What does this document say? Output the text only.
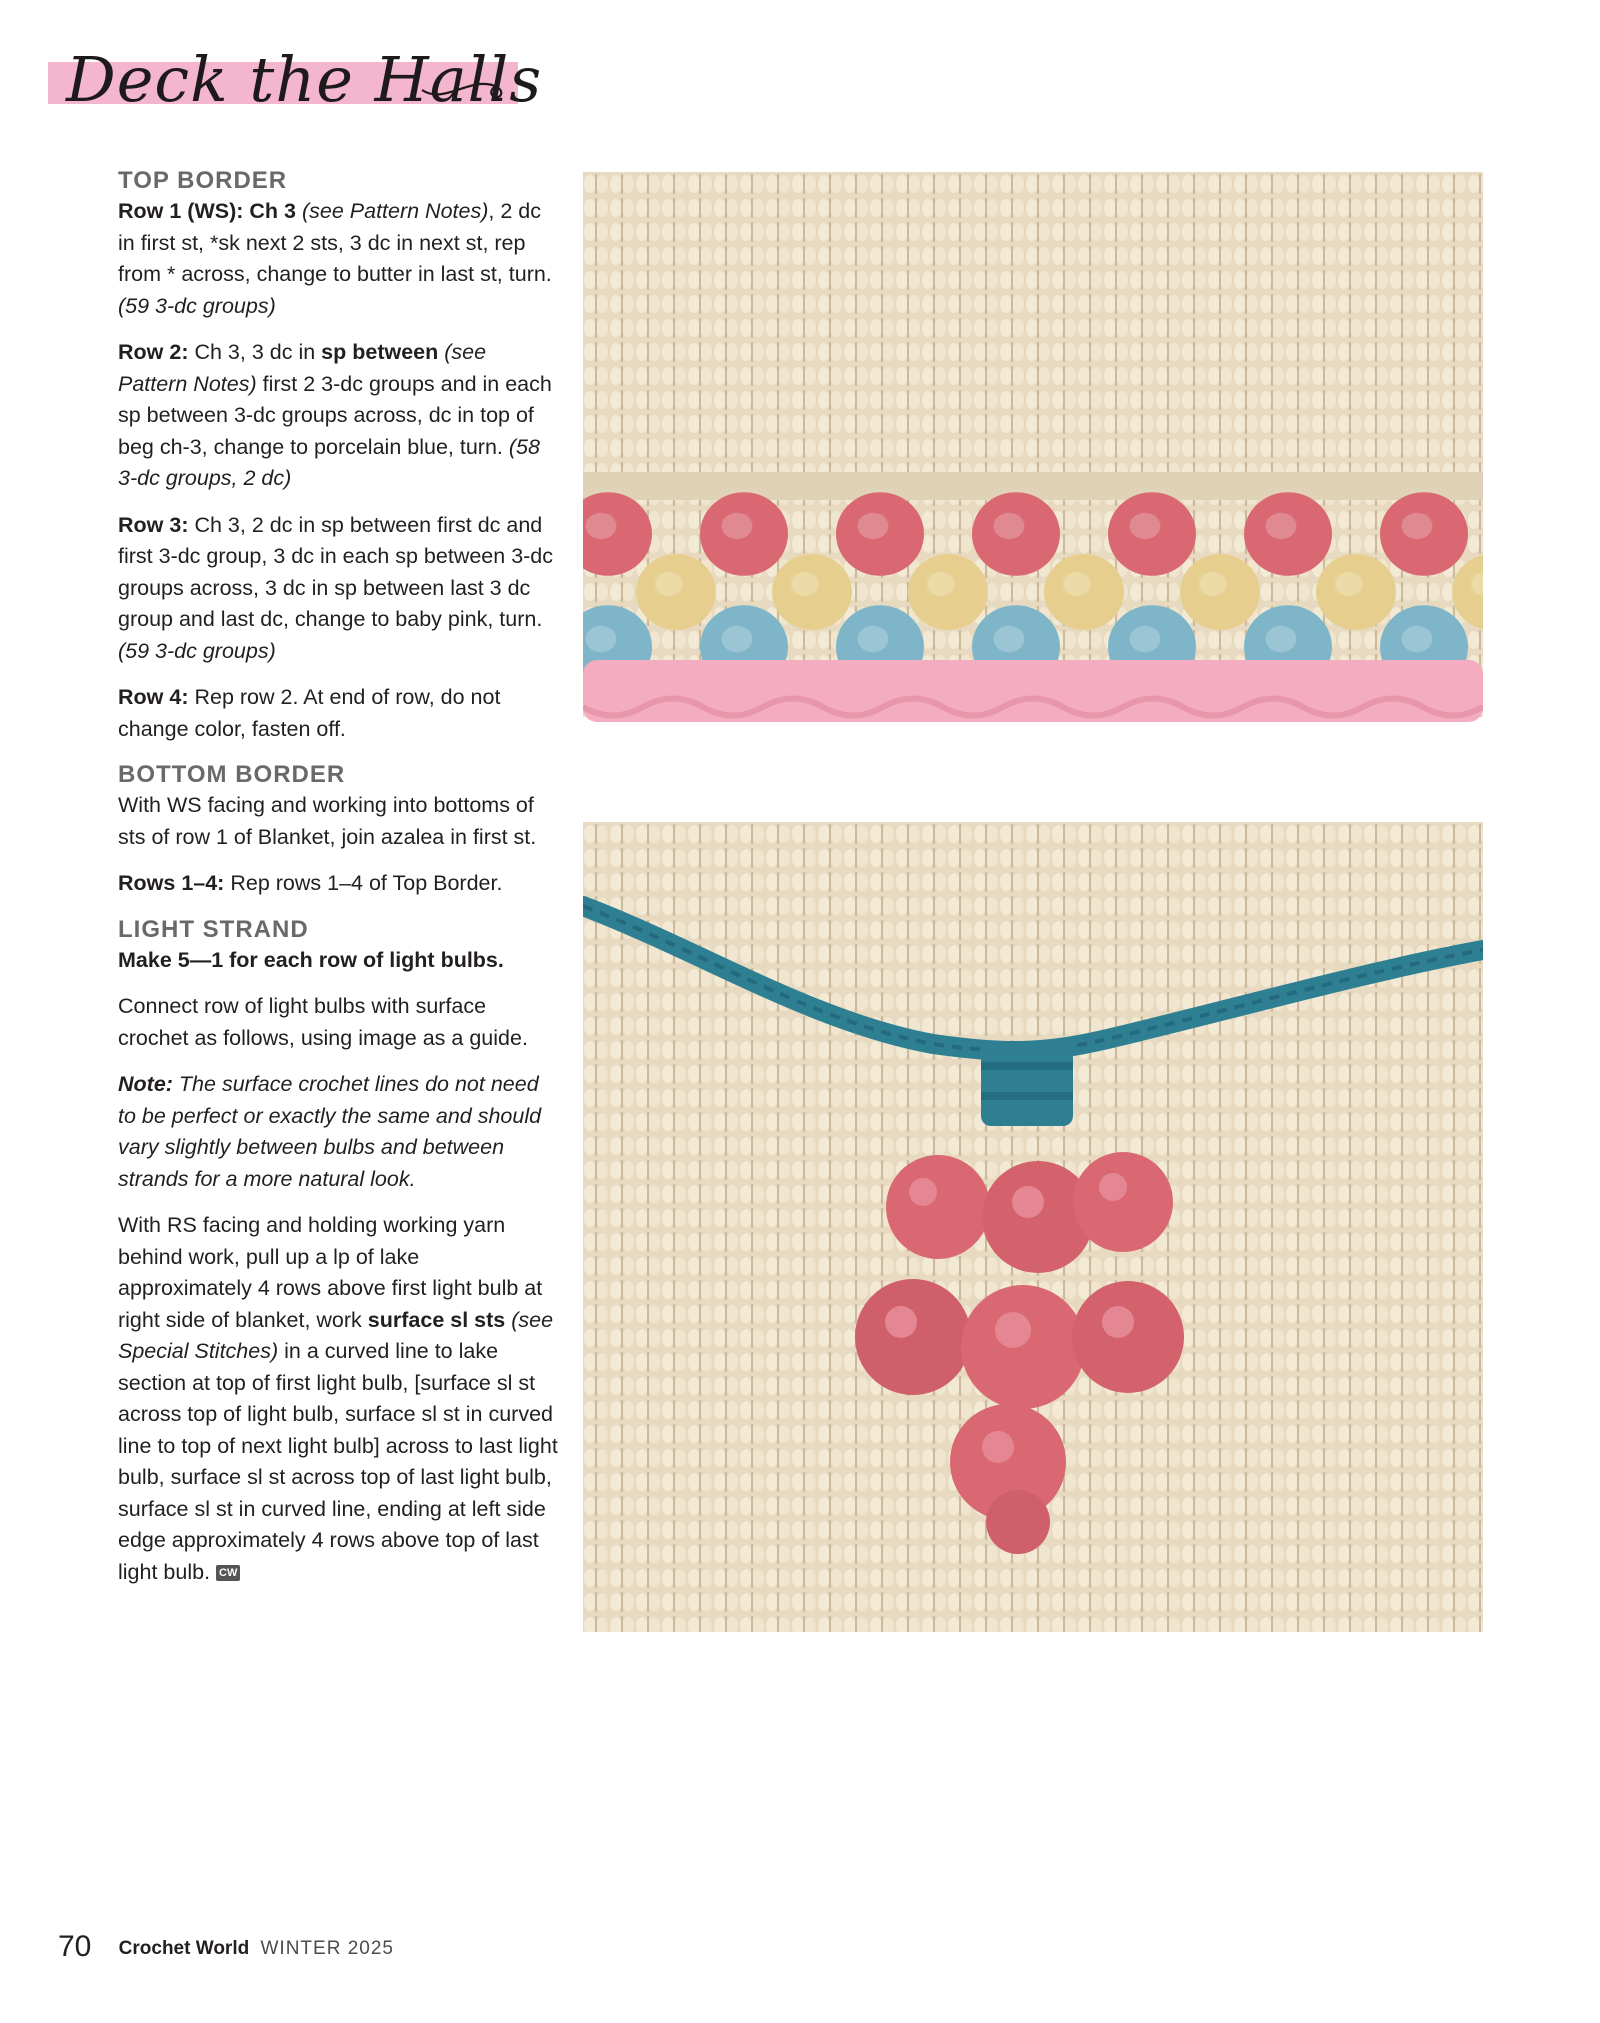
Deck the Halls
TOP BORDER

Row 1 (WS): Ch 3 (see Pattern Notes), 2 dc in first st, *sk next 2 sts, 3 dc in next st, rep from * across, change to butter in last st, turn. (59 3-dc groups)

Row 2: Ch 3, 3 dc in sp between (see Pattern Notes) first 2 3-dc groups and in each sp between 3-dc groups across, dc in top of beg ch-3, change to porcelain blue, turn. (58 3-dc groups, 2 dc)

Row 3: Ch 3, 2 dc in sp between first dc and first 3-dc group, 3 dc in each sp between 3-dc groups across, 3 dc in sp between last 3 dc group and last dc, change to baby pink, turn. (59 3-dc groups)

Row 4: Rep row 2. At end of row, do not change color, fasten off.

BOTTOM BORDER

With WS facing and working into bottoms of sts of row 1 of Blanket, join azalea in first st.

Rows 1–4: Rep rows 1–4 of Top Border.

LIGHT STRAND

Make 5—1 for each row of light bulbs.

Connect row of light bulbs with surface crochet as follows, using image as a guide.

Note: The surface crochet lines do not need to be perfect or exactly the same and should vary slightly between bulbs and between strands for a more natural look.

With RS facing and holding working yarn behind work, pull up a lp of lake approximately 4 rows above first light bulb at right side of blanket, work surface sl sts (see Special Stitches) in a curved line to lake section at top of first light bulb, [surface sl st across top of light bulb, surface sl st in curved line to top of next light bulb] across to last light bulb, surface sl st across top of last light bulb, surface sl st in curved line, ending at left side edge approximately 4 rows above top of last light bulb. CW

70 Crochet World WINTER 2025
